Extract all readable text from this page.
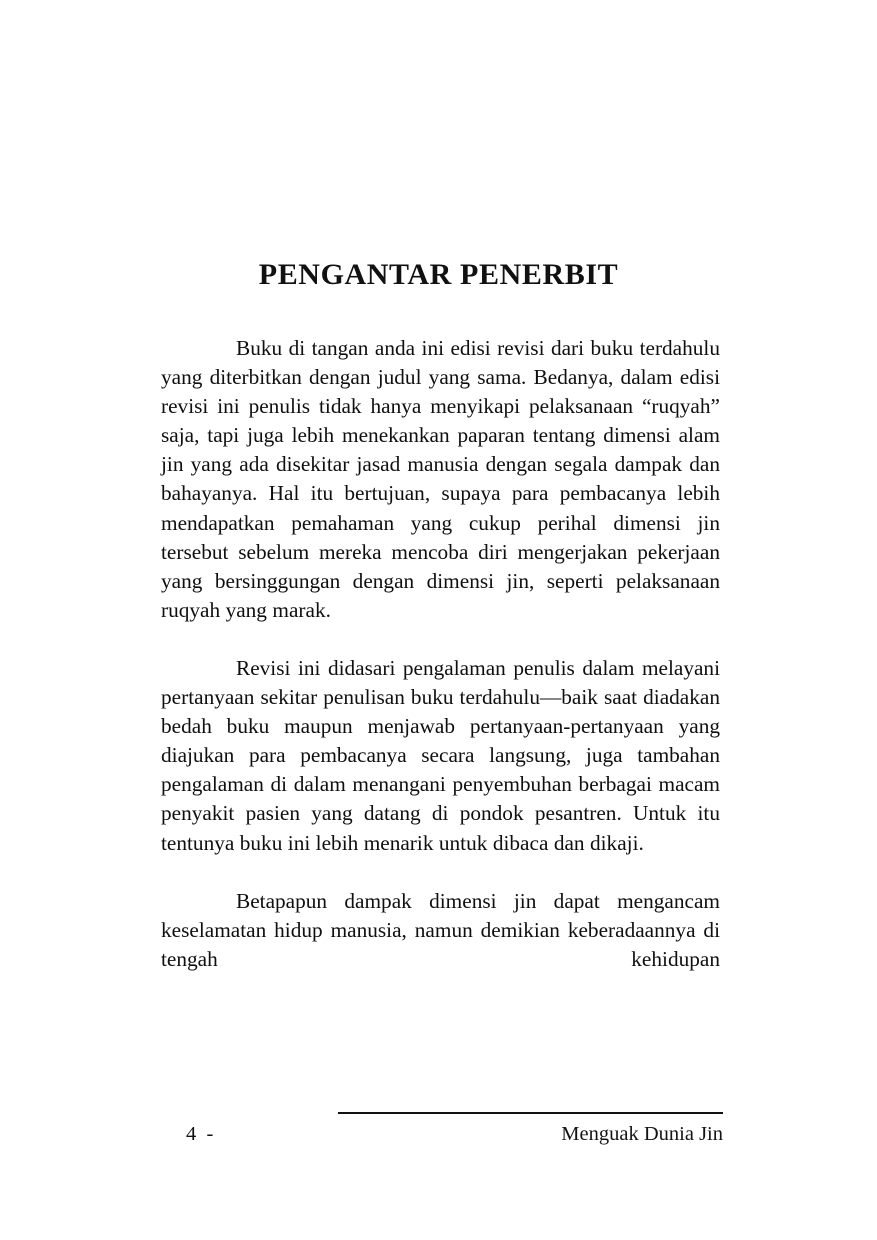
PENGANTAR PENERBIT

Buku di tangan anda ini edisi revisi dari buku terdahulu yang diterbitkan dengan judul yang sama. Bedanya, dalam edisi revisi ini penulis tidak hanya menyikapi pelaksanaan “ruqyah” saja, tapi juga lebih menekankan paparan tentang dimensi alam jin yang ada disekitar jasad manusia dengan segala dampak dan bahayanya. Hal itu bertujuan, supaya para pembacanya lebih mendapatkan pemahaman yang cukup perihal dimensi jin tersebut sebelum mereka mencoba diri mengerjakan pekerjaan yang bersinggungan dengan dimensi jin, seperti pelaksanaan ruqyah yang marak.

Revisi ini didasari pengalaman penulis dalam melayani pertanyaan sekitar penulisan buku terdahulu—baik saat diadakan bedah buku maupun menjawab pertanyaan-pertanyaan yang diajukan para pembacanya secara langsung, juga tambahan pengalaman di dalam menangani penyembuhan berbagai macam penyakit pasien yang datang di pondok pesantren. Untuk itu tentunya buku ini lebih menarik untuk dibaca dan dikaji.

Betapapun dampak dimensi jin dapat mengancam keselamatan hidup manusia, namun demikian keberadaannya di tengah kehidupan

4  -	Menguak Dunia Jin
